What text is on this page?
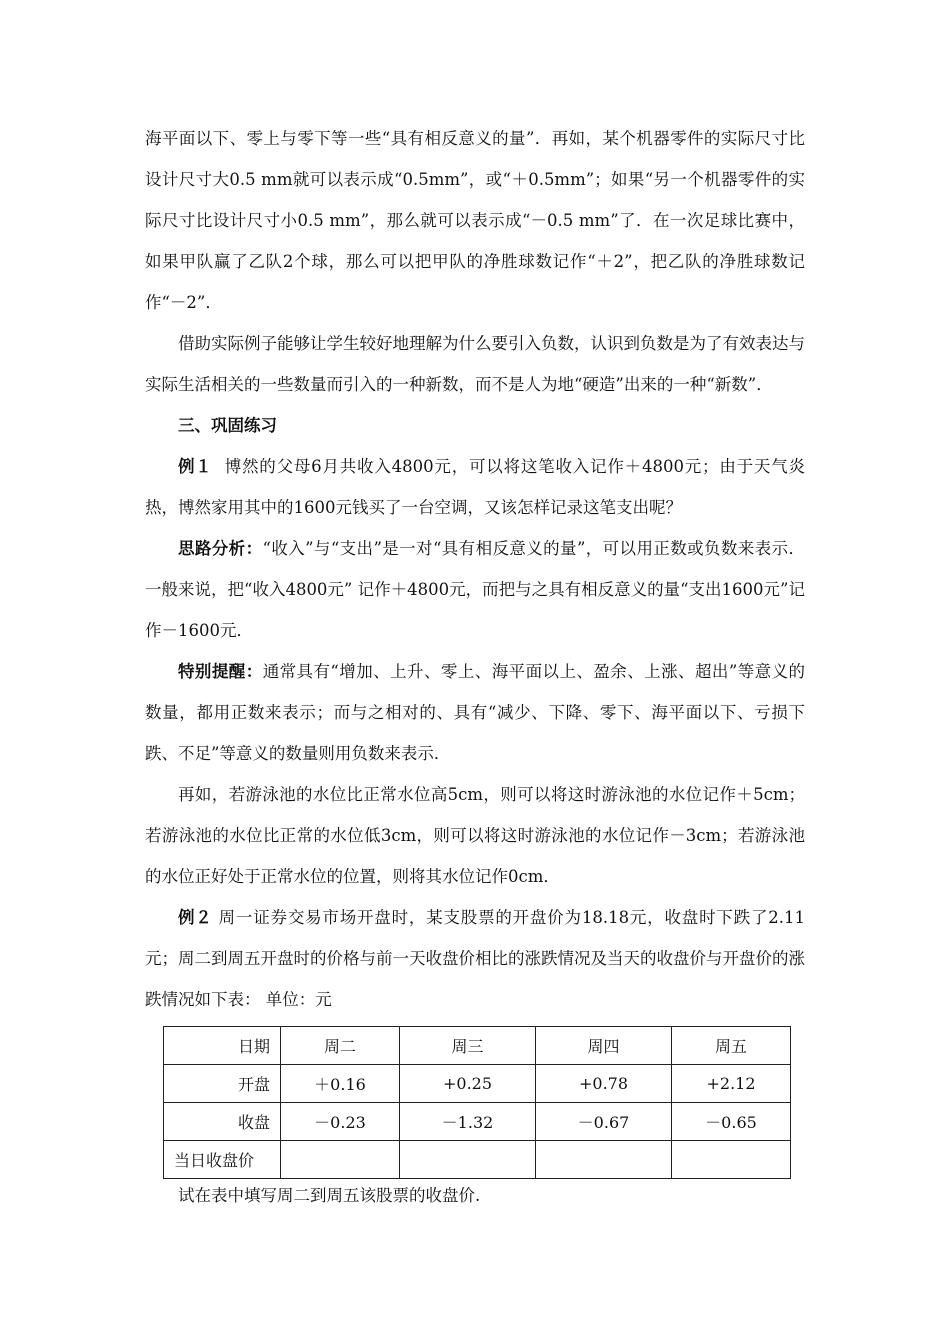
海平面以下、零上与零下等一些“具有相反意义的量”．再如，某个机器零件的实际尺寸比设计尺寸大0.5 mm就可以表示成“0.5mm”，或“＋0.5mm”；如果“另一个机器零件的实际尺寸比设计尺寸小0.5 mm”，那么就可以表示成“－0.5 mm”了．在一次足球比赛中，如果甲队赢了乙队2个球，那么可以把甲队的净胜球数记作“＋2”，把乙队的净胜球数记作“－2”．

借助实际例子能够让学生较好地理解为什么要引入负数，认识到负数是为了有效表达与实际生活相关的一些数量而引入的一种新数，而不是人为地“硬造”出来的一种“新数”．

三、巩固练习

例１ 博然的父母6月共收入4800元，可以将这笔收入记作＋4800元；由于天气炎热，博然家用其中的1600元钱买了一台空调，又该怎样记录这笔支出呢？

思路分析：“收入”与“支出”是一对“具有相反意义的量”，可以用正数或负数来表示．一般来说，把“收入4800元” 记作＋4800元，而把与之具有相反意义的量“支出1600元”记作－1600元．

特别提醒：通常具有“增加、上升、零上、海平面以上、盈余、上涨、超出”等意义的数量，都用正数来表示；而与之相对的、具有“减少、下降、零下、海平面以下、亏损下跌、不足”等意义的数量则用负数来表示．

再如，若游泳池的水位比正常水位高5cm，则可以将这时游泳池的水位记作＋5cm；若游泳池的水位比正常的水位低3cm，则可以将这时游泳池的水位记作－3cm；若游泳池的水位正好处于正常水位的位置，则将其水位记作0cm．

例２ 周一证券交易市场开盘时，某支股票的开盘价为18.18元，收盘时下跌了2.11元；周二到周五开盘时的价格与前一天收盘价相比的涨跌情况及当天的收盘价与开盘价的涨跌情况如下表： 单位：元

日期	周二	周三	周四	周五
开盘	＋0.16	+0.25	+0.78	+2.12
收盘	－0.23	－1.32	－0.67	－0.65
当日收盘价				

试在表中填写周二到周五该股票的收盘价.
